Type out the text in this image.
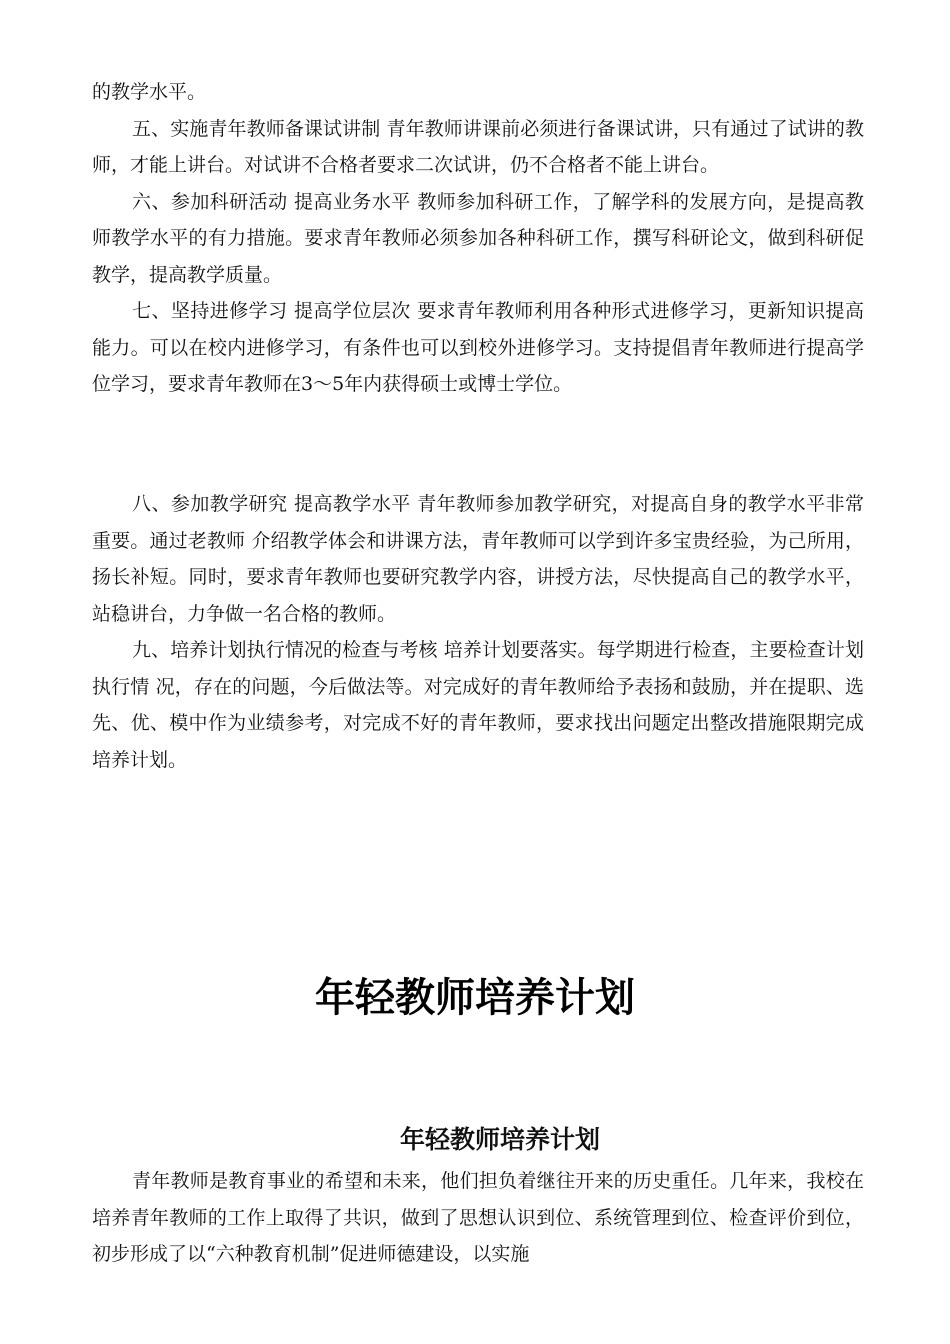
的教学水平。

五、实施青年教师备课试讲制 青年教师讲课前必须进行备课试讲，只有通过了试讲的教师，才能上讲台。对试讲不合格者要求二次试讲，仍不合格者不能上讲台。

六、参加科研活动 提高业务水平 教师参加科研工作，了解学科的发展方向，是提高教师教学水平的有力措施。要求青年教师必须参加各种科研工作，撰写科研论文，做到科研促教学，提高教学质量。

七、坚持进修学习 提高学位层次 要求青年教师利用各种形式进修学习，更新知识提高能力。可以在校内进修学习，有条件也可以到校外进修学习。支持提倡青年教师进行提高学位学习，要求青年教师在3～5年内获得硕士或博士学位。

八、参加教学研究 提高教学水平 青年教师参加教学研究，对提高自身的教学水平非常重要。通过老教师 介绍教学体会和讲课方法，青年教师可以学到许多宝贵经验，为己所用，扬长补短。同时，要求青年教师也要研究教学内容，讲授方法，尽快提高自己的教学水平，站稳讲台，力争做一名合格的教师。

九、培养计划执行情况的检查与考核 培养计划要落实。每学期进行检查，主要检查计划执行情 况，存在的问题，今后做法等。对完成好的青年教师给予表扬和鼓励，并在提职、选先、优、模中作为业绩参考，对完成不好的青年教师，要求找出问题定出整改措施限期完成培养计划。

年轻教师培养计划
年轻教师培养计划

青年教师是教育事业的希望和未来，他们担负着继往开来的历史重任。几年来，我校在培养青年教师的工作上取得了共识，做到了思想认识到位、系统管理到位、检查评价到位，初步形成了以“六种教育机制”促进师德建设，以实施
